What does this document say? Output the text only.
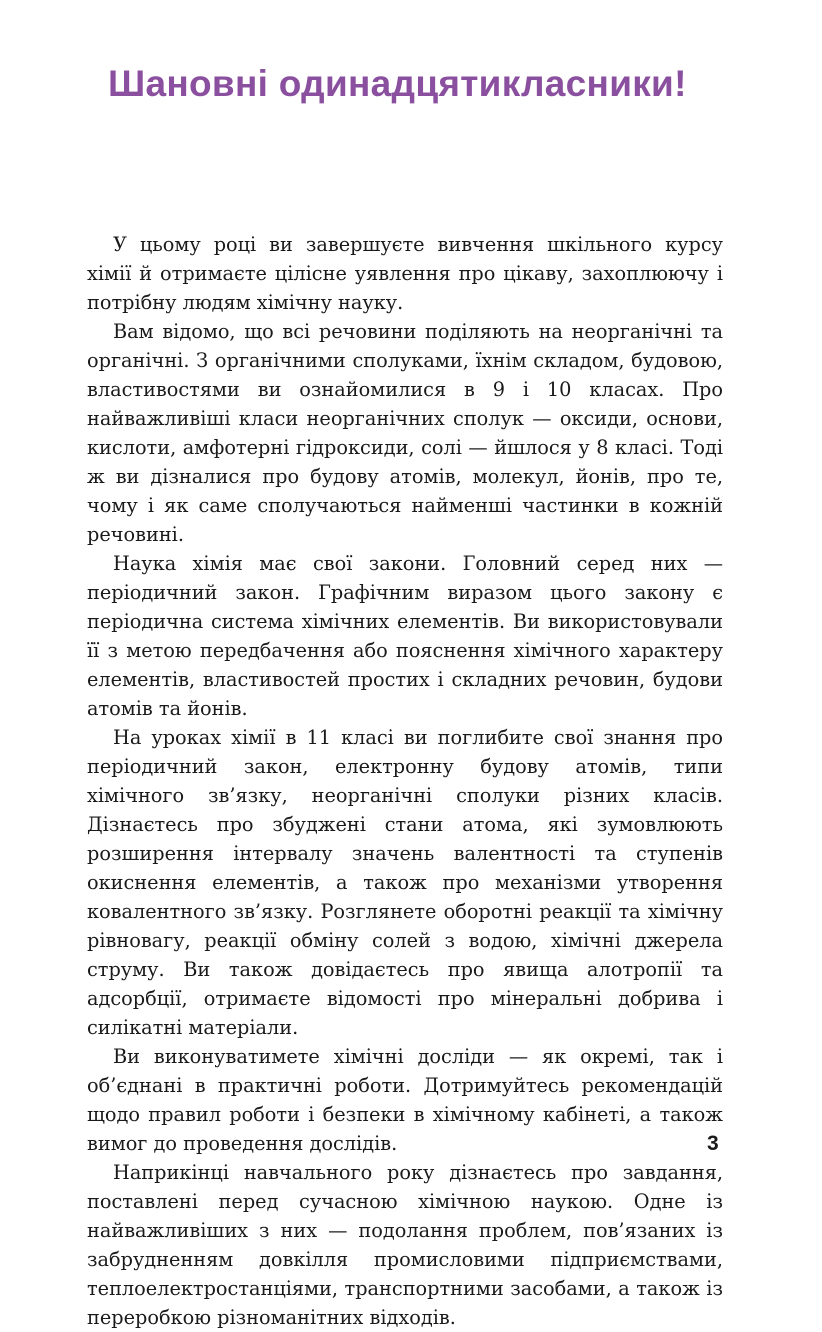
Шановні одинадцятикласники!

У цьому році ви завершуєте вивчення шкільного курсу хімії й отримаєте цілісне уявлення про цікаву, захоплюючу і потрібну людям хімічну науку.

Вам відомо, що всі речовини поділяють на неорганічні та органічні. З органічними сполуками, їхнім складом, будовою, властивостями ви ознайомилися в 9 і 10 класах. Про найважливіші класи неорганічних сполук — оксиди, основи, кислоти, амфотерні гідроксиди, солі — йшлося у 8 класі. Тоді ж ви дізналися про будову атомів, молекул, йонів, про те, чому і як саме сполучаються найменші частинки в кожній речовині.

Наука хімія має свої закони. Головний серед них — періодичний закон. Графічним виразом цього закону є періодична система хімічних елементів. Ви використовували її з метою передбачення або пояснення хімічного характеру елементів, властивостей простих і складних речовин, будови атомів та йонів.

На уроках хімії в 11 класі ви поглибите свої знання про періодичний закон, електронну будову атомів, типи хімічного зв’язку, неорганічні сполуки різних класів. Дізнаєтесь про збуджені стани атома, які зумовлюють розширення інтервалу значень валентності та ступенів окиснення елементів, а також про механізми утворення ковалентного зв’язку. Розглянете оборотні реакції та хімічну рівновагу, реакції обміну солей з водою, хімічні джерела струму. Ви також довідаєтесь про явища алотропії та адсорбції, отримаєте відомості про мінеральні добрива і силікатні матеріали.

Ви виконуватимете хімічні досліди — як окремі, так і об’єднані в практичні роботи. Дотримуйтесь рекомендацій щодо правил роботи і безпеки в хімічному кабінеті, а також вимог до проведення дослідів.

Наприкінці навчального року дізнаєтесь про завдання, поставлені перед сучасною хімічною наукою. Одне із найважливіших з них — подолання проблем, пов’язаних із забрудненням довкілля промисловими підприємствами, теплоелектростанціями, транспортними засобами, а також із переробкою різноманітних відходів.

3
